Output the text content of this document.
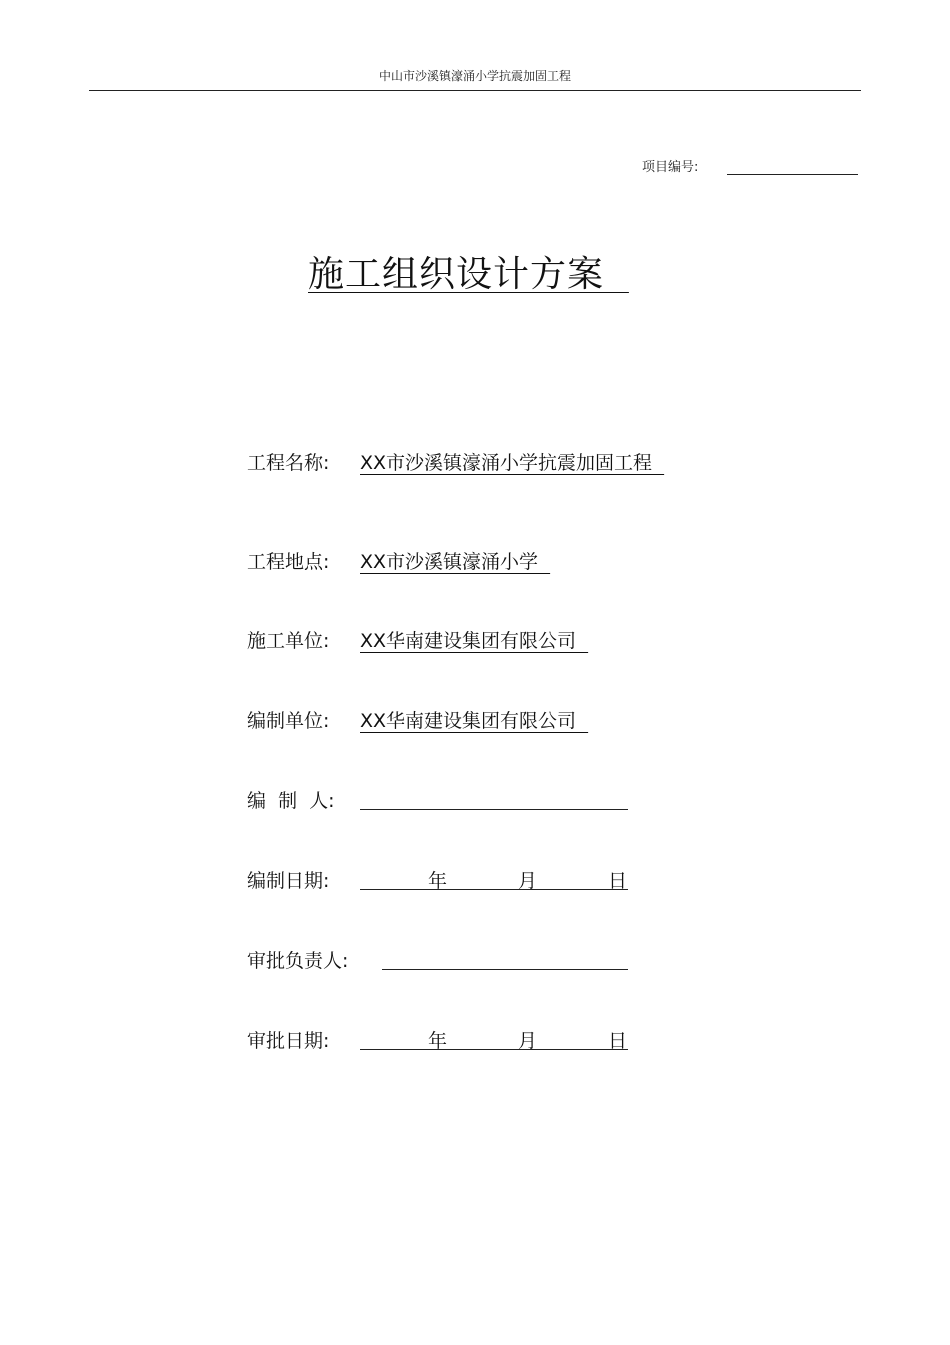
中山市沙溪镇濠涌小学抗震加固工程
项目编号:
施工组织设计方案
工程名称: XX市沙溪镇濠涌小学抗震加固工程
工程地点: XX市沙溪镇濠涌小学
施工单位: XX华南建设集团有限公司
编制单位: XX华南建设集团有限公司
编  制  人:
编制日期:	年	月	日
审批负责人:
审批日期:	年	月	日
